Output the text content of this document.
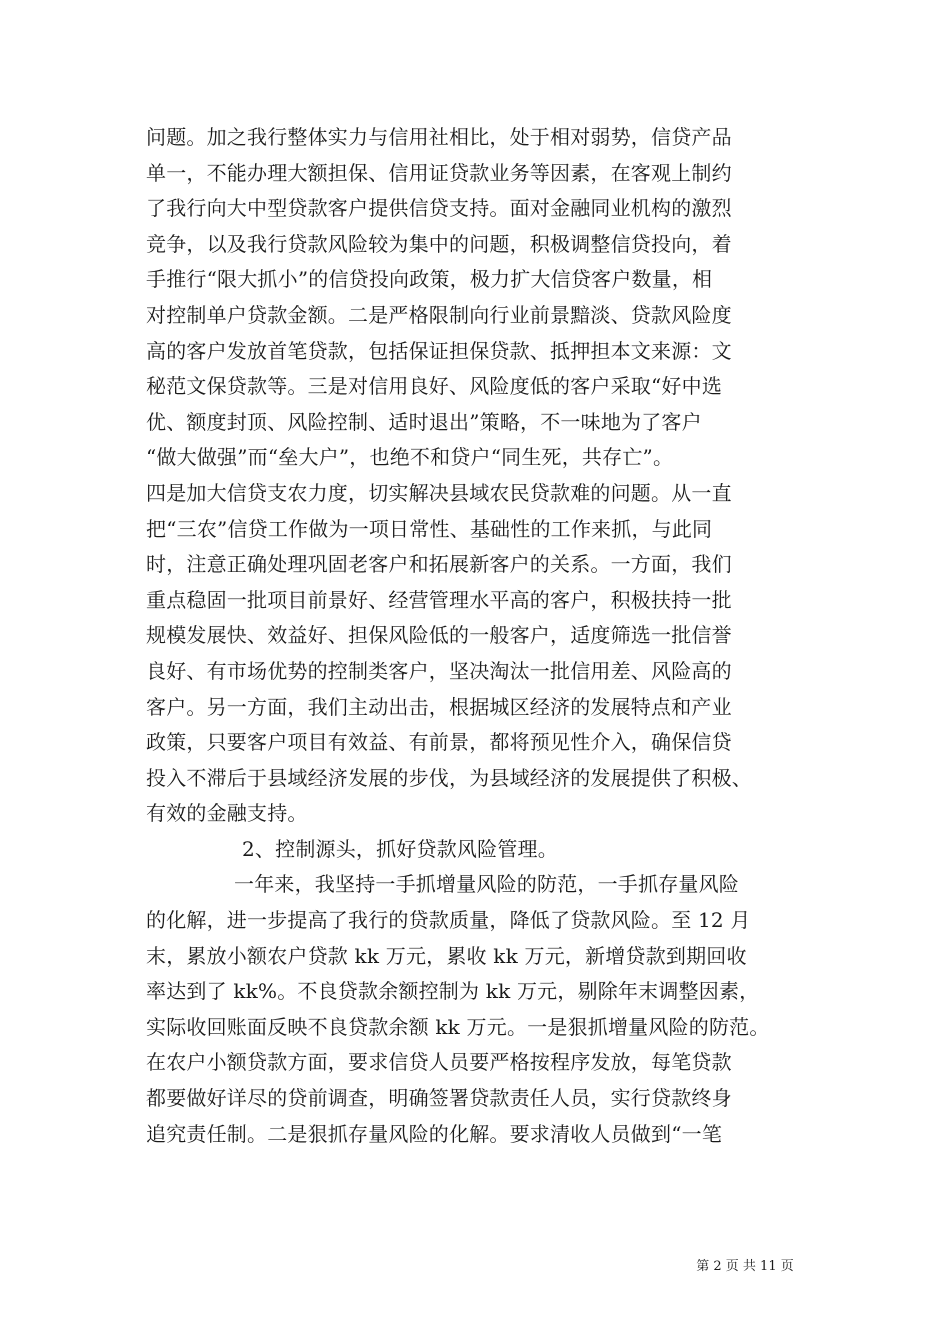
问题。加之我行整体实力与信用社相比，处于相对弱势，信贷产品
单一，不能办理大额担保、信用证贷款业务等因素，在客观上制约
了我行向大中型贷款客户提供信贷支持。面对金融同业机构的激烈
竞争，以及我行贷款风险较为集中的问题，积极调整信贷投向，着
手推行“限大抓小”的信贷投向政策，极力扩大信贷客户数量，相
对控制单户贷款金额。二是严格限制向行业前景黯淡、贷款风险度
高的客户发放首笔贷款，包括保证担保贷款、抵押担本文来源：文
秘范文保贷款等。三是对信用良好、风险度低的客户采取“好中选
优、额度封顶、风险控制、适时退出”策略，不一味地为了客户
“做大做强”而“垒大户”，也绝不和贷户“同生死，共存亡”。
四是加大信贷支农力度，切实解决县域农民贷款难的问题。从一直
把“三农”信贷工作做为一项日常性、基础性的工作来抓，与此同
时，注意正确处理巩固老客户和拓展新客户的关系。一方面，我们
重点稳固一批项目前景好、经营管理水平高的客户，积极扶持一批
规模发展快、效益好、担保风险低的一般客户，适度筛选一批信誉
良好、有市场优势的控制类客户，坚决淘汰一批信用差、风险高的
客户。另一方面，我们主动出击，根据城区经济的发展特点和产业
政策，只要客户项目有效益、有前景，都将预见性介入，确保信贷
投入不滞后于县域经济发展的步伐，为县域经济的发展提供了积极、
有效的金融支持。
2、控制源头，抓好贷款风险管理。
一年来，我坚持一手抓增量风险的防范，一手抓存量风险
的化解，进一步提高了我行的贷款质量，降低了贷款风险。至 12 月
末，累放小额农户贷款 kk 万元，累收 kk 万元，新增贷款到期回收
率达到了 kk%。不良贷款余额控制为 kk 万元，剔除年末调整因素，
实际收回账面反映不良贷款余额 kk 万元。一是狠抓增量风险的防范。
在农户小额贷款方面，要求信贷人员要严格按程序发放，每笔贷款
都要做好详尽的贷前调查，明确签署贷款责任人员，实行贷款终身
追究责任制。二是狠抓存量风险的化解。要求清收人员做到“一笔
第 2 页 共 11 页
